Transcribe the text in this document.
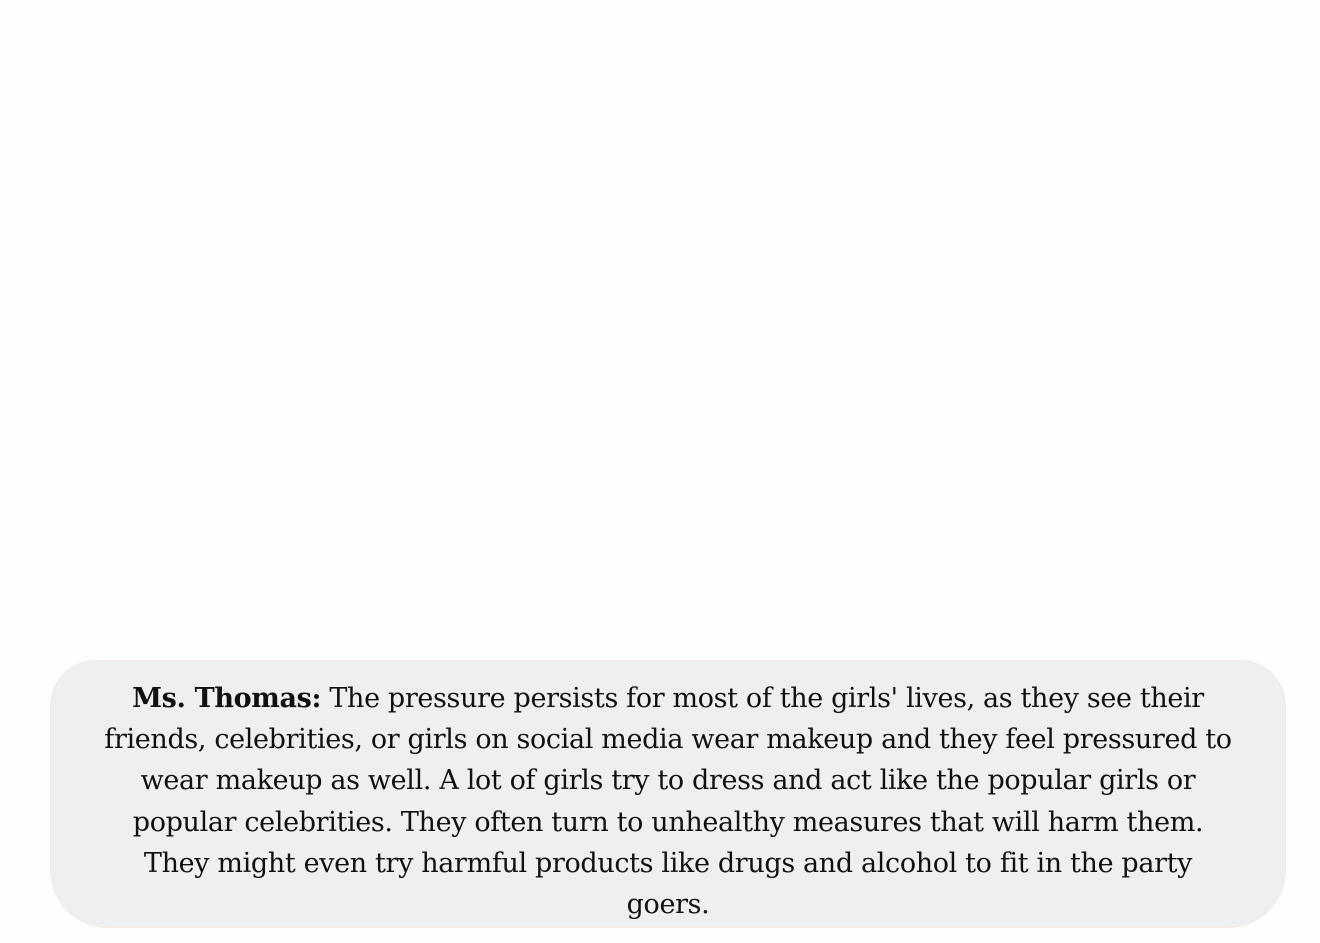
Ms. Thomas: The pressure persists for most of the girls' lives, as they see their friends, celebrities, or girls on social media wear makeup and they feel pressured to wear makeup as well. A lot of girls try to dress and act like the popular girls or popular celebrities. They often turn to unhealthy measures that will harm them. They might even try harmful products like drugs and alcohol to fit in the party goers.
